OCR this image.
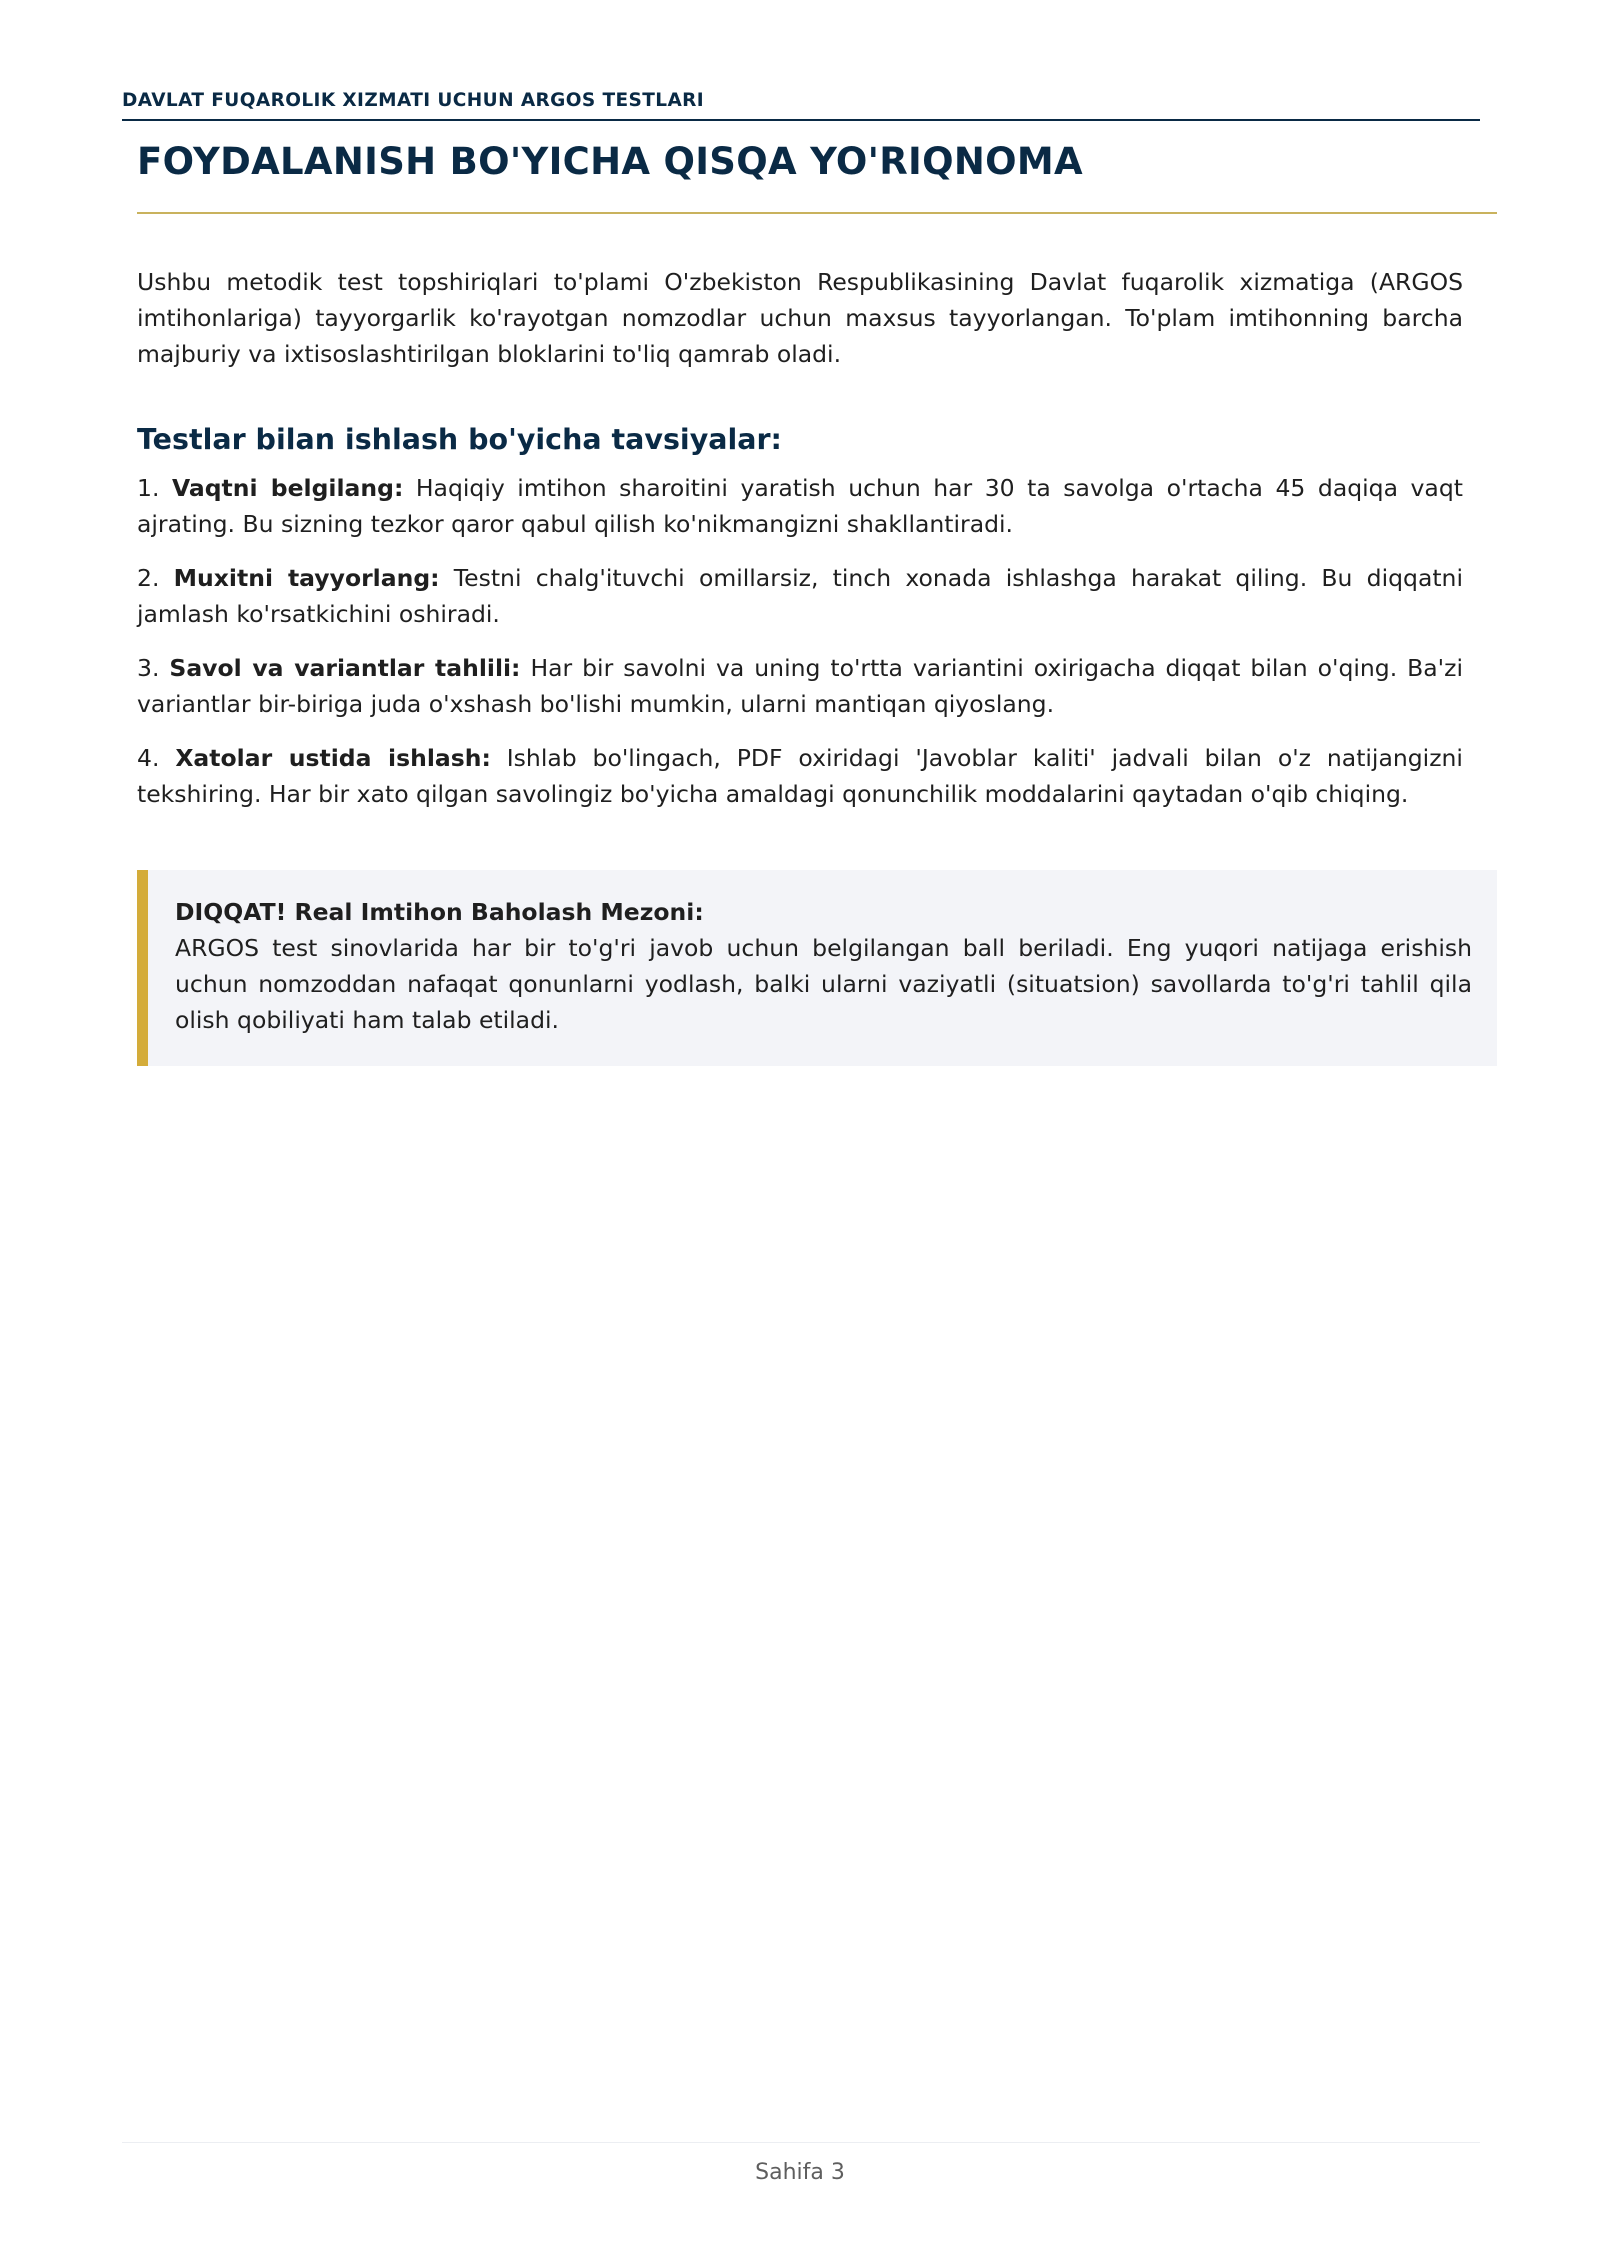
DAVLAT FUQAROLIK XIZMATI UCHUN ARGOS TESTLARI
FOYDALANISH BO'YICHA QISQA YO'RIQNOMA

Ushbu metodik test topshiriqlari to'plami O'zbekiston Respublikasining Davlat fuqarolik xizmatiga (ARGOS imtihonlariga) tayyorgarlik ko'rayotgan nomzodlar uchun maxsus tayyorlangan. To'plam imtihonning barcha majburiy va ixtisoslashtirilgan bloklarini to'liq qamrab oladi.

Testlar bilan ishlash bo'yicha tavsiyalar:

1. Vaqtni belgilang: Haqiqiy imtihon sharoitini yaratish uchun har 30 ta savolga o'rtacha 45 daqiqa vaqt ajrating. Bu sizning tezkor qaror qabul qilish ko'nikmangizni shakllantiradi.

2. Muxitni tayyorlang: Testni chalg'ituvchi omillarsiz, tinch xonada ishlashga harakat qiling. Bu diqqatni jamlash ko'rsatkichini oshiradi.

3. Savol va variantlar tahlili: Har bir savolni va uning to'rtta variantini oxirigacha diqqat bilan o'qing. Ba'zi variantlar bir-biriga juda o'xshash bo'lishi mumkin, ularni mantiqan qiyoslang.

4. Xatolar ustida ishlash: Ishlab bo'lingach, PDF oxiridagi 'Javoblar kaliti' jadvali bilan o'z natijangizni tekshiring. Har bir xato qilgan savolingiz bo'yicha amaldagi qonunchilik moddalarini qaytadan o'qib chiqing.

DIQQAT! Real Imtihon Baholash Mezoni:
ARGOS test sinovlarida har bir to'g'ri javob uchun belgilangan ball beriladi. Eng yuqori natijaga erishish uchun nomzoddan nafaqat qonunlarni yodlash, balki ularni vaziyatli (situatsion) savollarda to'g'ri tahlil qila olish qobiliyati ham talab etiladi.
Sahifa 3
